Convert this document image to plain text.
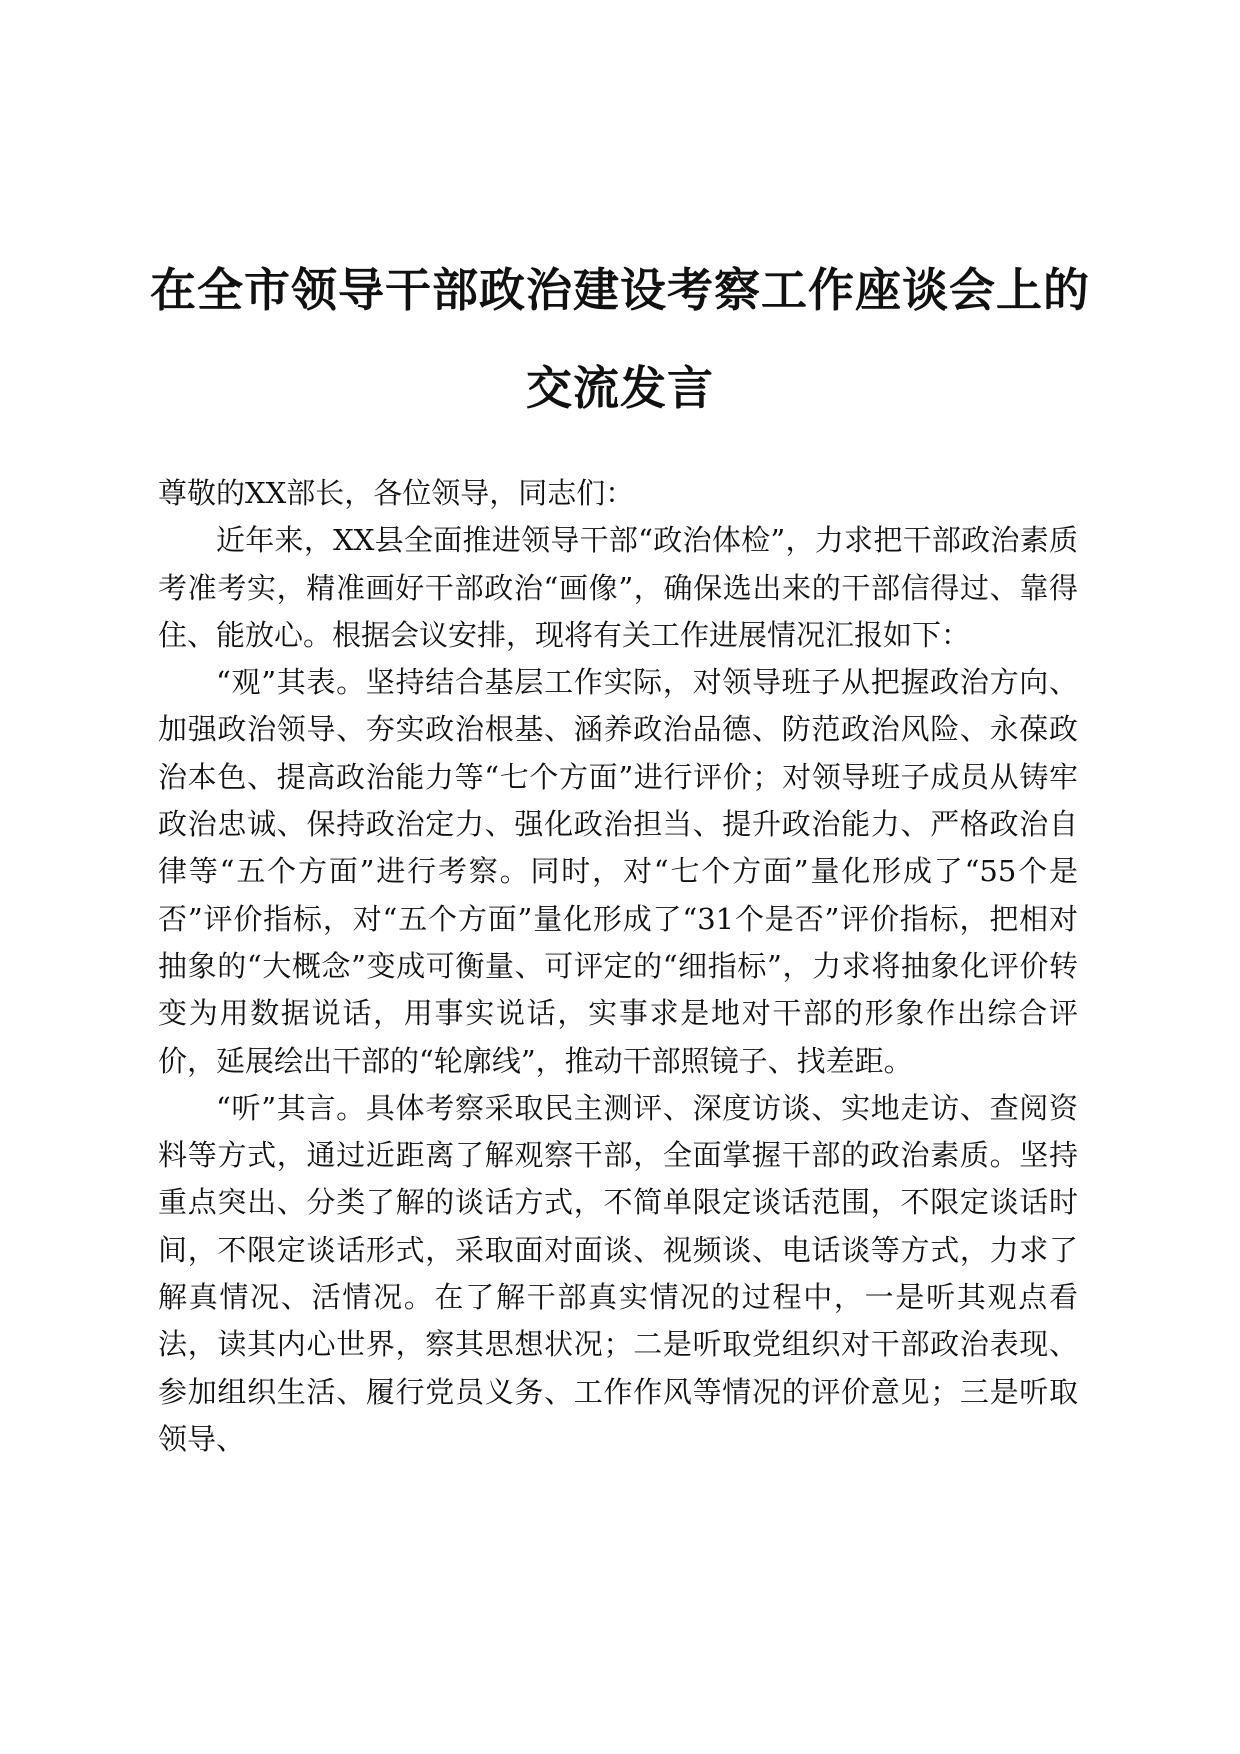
在全市领导干部政治建设考察工作座谈会上的
交流发言

尊敬的XX部长，各位领导，同志们：

近年来，XX县全面推进领导干部“政治体检”，力求把干部政治素质考准考实，精准画好干部政治“画像”，确保选出来的干部信得过、靠得住、能放心。根据会议安排，现将有关工作进展情况汇报如下：

“观”其表。坚持结合基层工作实际，对领导班子从把握政治方向、加强政治领导、夯实政治根基、涵养政治品德、防范政治风险、永葆政治本色、提高政治能力等“七个方面”进行评价；对领导班子成员从铸牢政治忠诚、保持政治定力、强化政治担当、提升政治能力、严格政治自律等“五个方面”进行考察。同时，对“七个方面”量化形成了“55个是否”评价指标，对“五个方面”量化形成了“31个是否”评价指标，把相对抽象的“大概念”变成可衡量、可评定的“细指标”，力求将抽象化评价转变为用数据说话，用事实说话，实事求是地对干部的形象作出综合评价，延展绘出干部的“轮廓线”，推动干部照镜子、找差距。

“听”其言。具体考察采取民主测评、深度访谈、实地走访、查阅资料等方式，通过近距离了解观察干部，全面掌握干部的政治素质。坚持重点突出、分类了解的谈话方式，不简单限定谈话范围，不限定谈话时间，不限定谈话形式，采取面对面谈、视频谈、电话谈等方式，力求了解真情况、活情况。在了解干部真实情况的过程中，一是听其观点看法，读其内心世界，察其思想状况；二是听取党组织对干部政治表现、参加组织生活、履行党员义务、工作作风等情况的评价意见；三是听取领导、
